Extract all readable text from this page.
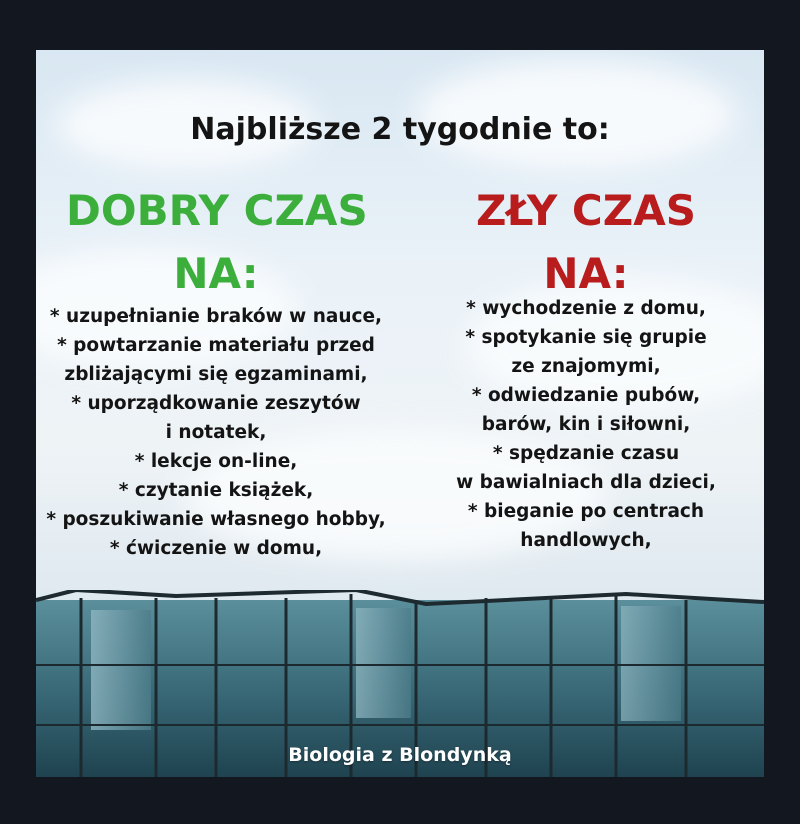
Najbliższe 2 tygodnie to:
DOBRY CZAS
NA:
ZŁY CZAS
NA:
* uzupełnianie braków w nauce,
* powtarzanie materiału przed
zbliżającymi się egzaminami,
* uporządkowanie zeszytów
i notatek,
* lekcje on-line,
* czytanie książek,
* poszukiwanie własnego hobby,
* ćwiczenie w domu,
* wychodzenie z domu,
* spotykanie się grupie
ze znajomymi,
* odwiedzanie pubów,
barów, kin i siłowni,
* spędzanie czasu
w bawialniach dla dzieci,
* bieganie po centrach
handlowych,
Biologia z Blondynką
